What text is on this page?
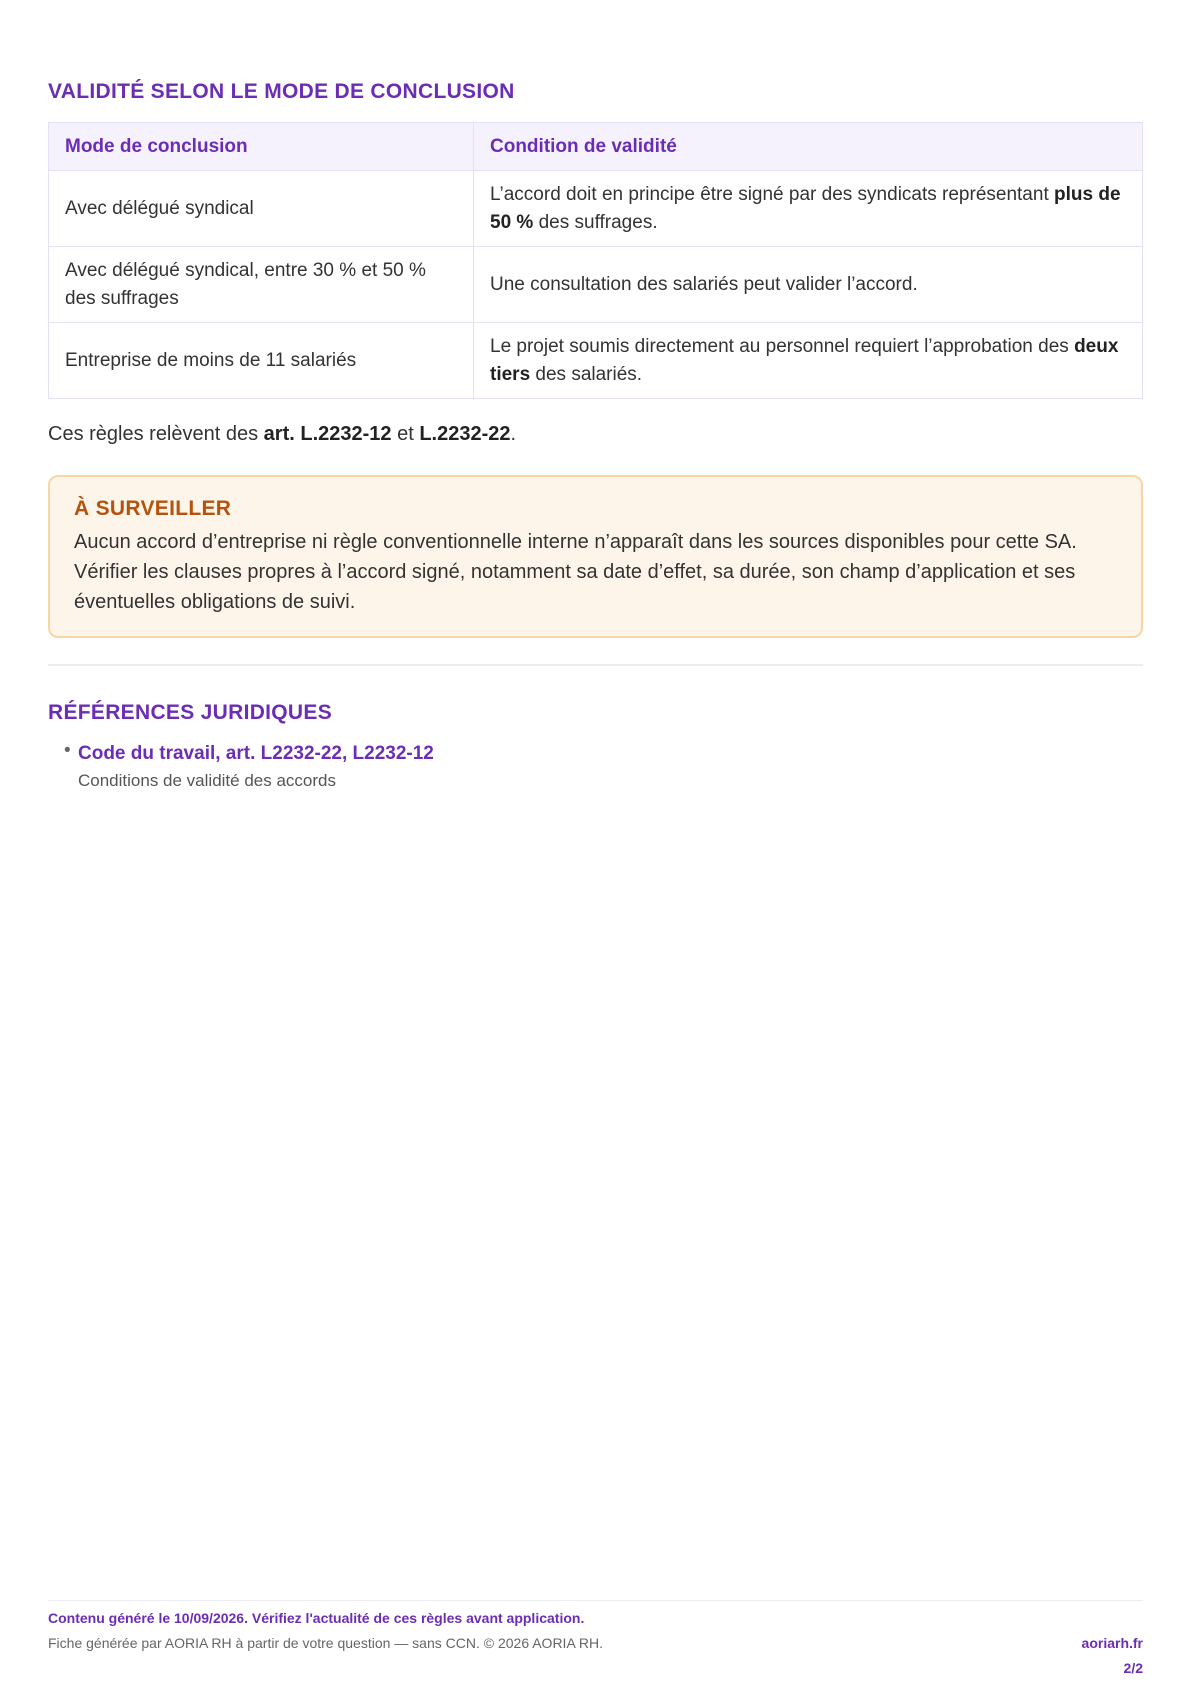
VALIDITÉ SELON LE MODE DE CONCLUSION
Mode de conclusion	Condition de validité
Avec délégué syndical	L’accord doit en principe être signé par des syndicats représentant plus de 50 % des suffrages.
Avec délégué syndical, entre 30 % et 50 % des suffrages	Une consultation des salariés peut valider l’accord.
Entreprise de moins de 11 salariés	Le projet soumis directement au personnel requiert l’approbation des deux tiers des salariés.

Ces règles relèvent des art. L.2232-12 et L.2232-22.

À SURVEILLER

Aucun accord d’entreprise ni règle conventionnelle interne n’apparaît dans les sources disponibles pour cette SA. Vérifier les clauses propres à l’accord signé, notamment sa date d’effet, sa durée, son champ d’application et ses éventuelles obligations de suivi.

RÉFÉRENCES JURIDIQUES
• Code du travail, art. L2232-22, L2232-12
Conditions de validité des accords
Contenu généré le 10/09/2026. Vérifiez l'actualité de ces règles avant application.
Fiche générée par AORIA RH à partir de votre question — sans CCN. © 2026 AORIA RH.	aoriarh.fr
2/2
